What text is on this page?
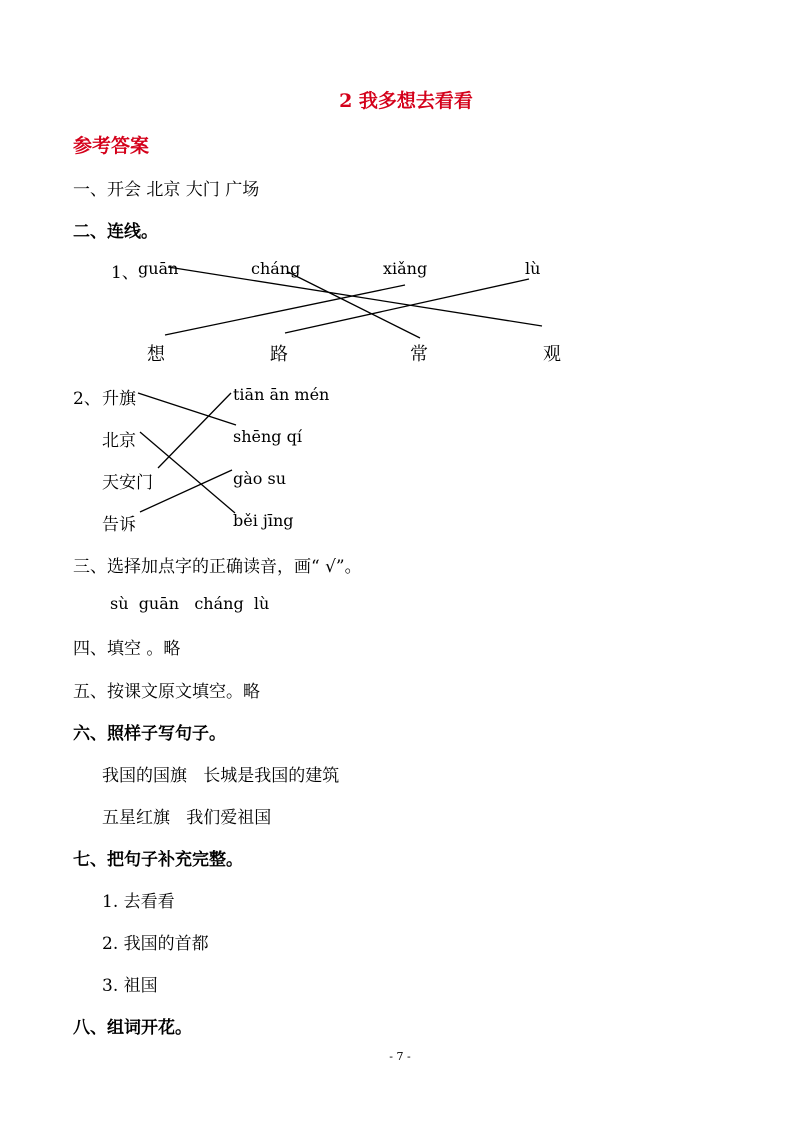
2 我多想去看看
参考答案
一、开会 北京 大门 广场
二、连线。
1、 guān	cháng	xiǎng	lù
想	路	常	观
2、 升旗
北京
天安门
告诉
tiān ān mén
shēng qí
gào su
běi jīng
三、选择加点字的正确读音，画“ √”。
sù  guān   cháng  lù
四、填空 。略
五、按课文原文填空。略
六、照样子写句子。
我国的国旗   长城是我国的建筑
五星红旗   我们爱祖国
七、把句子补充完整。
1. 去看看
2. 我国的首都
3. 祖国
八、组词开花。
- 7 -
